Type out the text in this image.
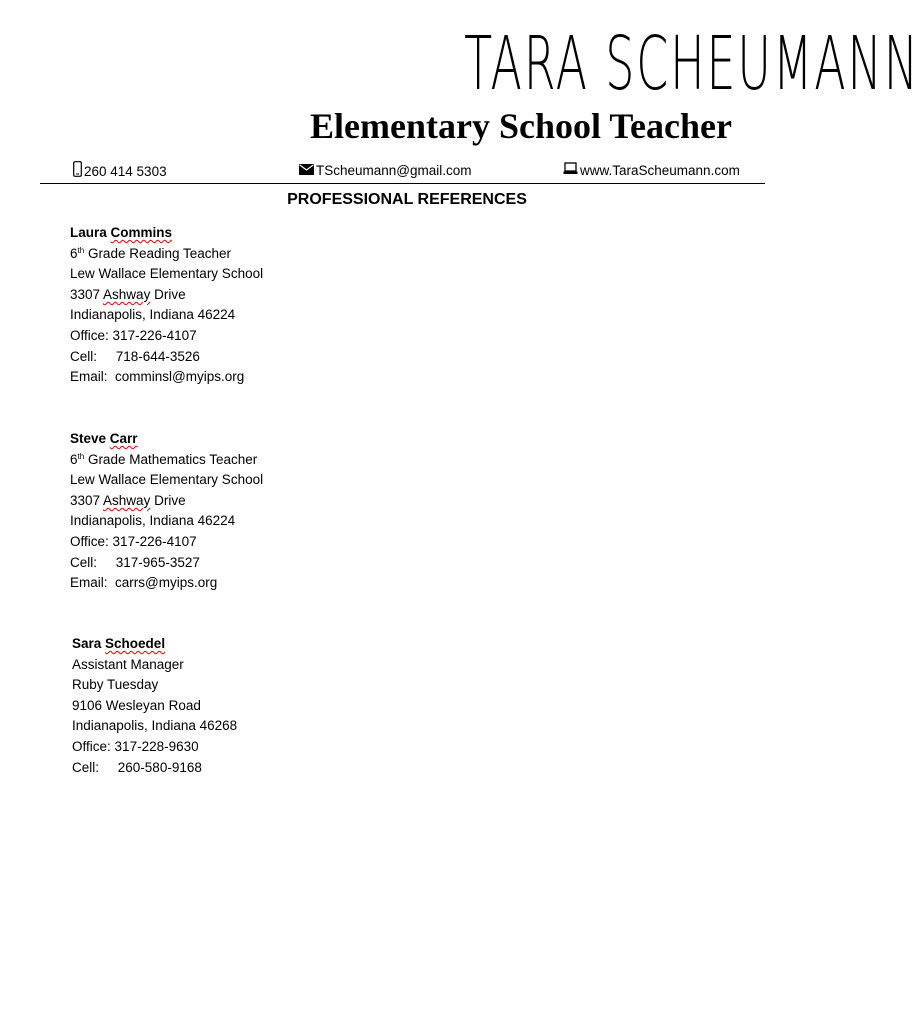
TARA SCHEUMANN
Elementary School Teacher
260 414 5303	TScheumann@gmail.com	www.TaraScheumann.com
PROFESSIONAL REFERENCES
Laura Commins
6th Grade Reading Teacher
Lew Wallace Elementary School
3307 Ashway Drive
Indianapolis, Indiana 46224
Office: 317-226-4107
Cell: 718-644-3526
Email: comminsl@myips.org
Steve Carr
6th Grade Mathematics Teacher
Lew Wallace Elementary School
3307 Ashway Drive
Indianapolis, Indiana 46224
Office: 317-226-4107
Cell: 317-965-3527
Email: carrs@myips.org
Sara Schoedel
Assistant Manager
Ruby Tuesday
9106 Wesleyan Road
Indianapolis, Indiana 46268
Office: 317-228-9630
Cell: 260-580-9168
